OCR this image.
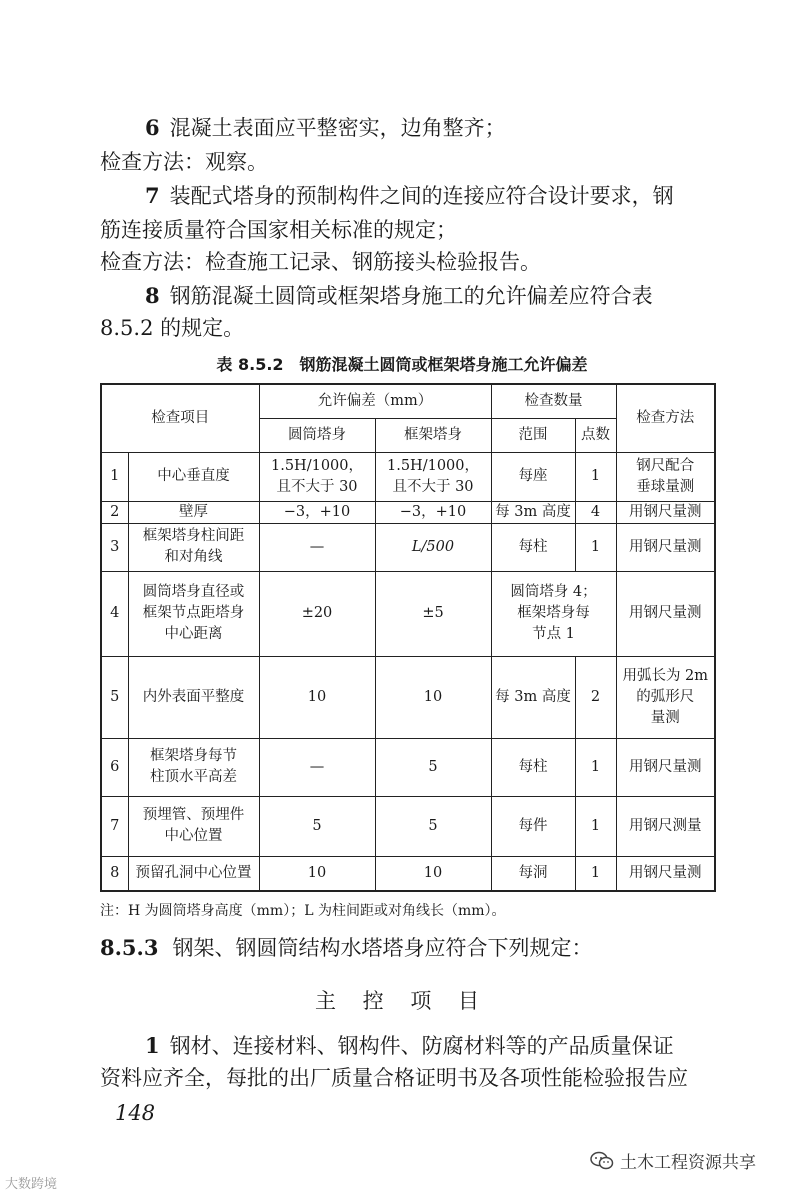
6 混凝土表面应平整密实，边角整齐；
检查方法：观察。
7 装配式塔身的预制构件之间的连接应符合设计要求，钢
筋连接质量符合国家相关标准的规定；
检查方法：检查施工记录、钢筋接头检验报告。
8 钢筋混凝土圆筒或框架塔身施工的允许偏差应符合表
8.5.2 的规定。
表 8.5.2　钢筋混凝土圆筒或框架塔身施工允许偏差
检查项目		允许偏差（mm）		检查数量		检查方法
		圆筒塔身	框架塔身	范围	点数	
1	中心垂直度	1.5H/1000，
且不大于 30	1.5H/1000，
且不大于 30	每座	1	钢尺配合
垂球量测
2	壁厚	−3，+10	−3，+10	每 3m 高度	4	用钢尺量测
3	框架塔身柱间距
和对角线	—	L/500	每柱	1	用钢尺量测
4	圆筒塔身直径或
框架节点距塔身
中心距离	±20	±5	圆筒塔身 4；
框架塔身每
节点 1		用钢尺量测
5	内外表面平整度	10	10	每 3m 高度	2	用弧长为 2m
的弧形尺
量测
6	框架塔身每节
柱顶水平高差	—	5	每柱	1	用钢尺量测
7	预埋管、预埋件
中心位置	5	5	每件	1	用钢尺测量
8	预留孔洞中心位置	10	10	每洞	1	用钢尺量测
注：H 为圆筒塔身高度（mm）；L 为柱间距或对角线长（mm）。
8.5.3 钢架、钢圆筒结构水塔塔身应符合下列规定：
主 控 项 目
1 钢材、连接材料、钢构件、防腐材料等的产品质量保证
资料应齐全，每批的出厂质量合格证明书及各项性能检验报告应
148
大数跨境
土木工程资源共享
